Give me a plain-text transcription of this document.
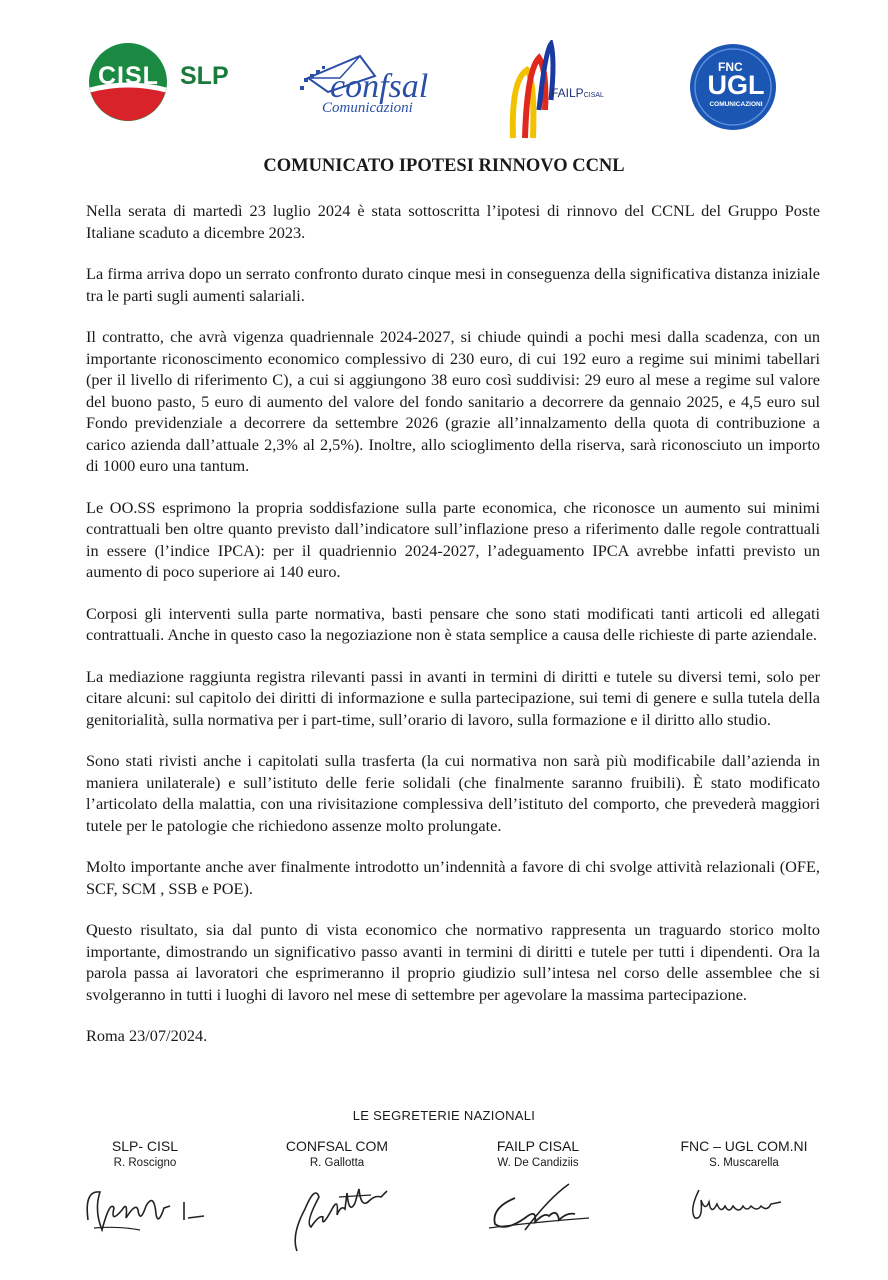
CISL SLP	confsal
Comunicazioni
FAILPCISAL
FNC
UGL
COMUNICAZIONI
COMUNICATO IPOTESI RINNOVO CCNL

Nella serata di martedì 23 luglio 2024 è stata sottoscritta l’ipotesi di rinnovo del CCNL del Gruppo Poste Italiane scaduto a dicembre 2023.

La firma arriva dopo un serrato confronto durato cinque mesi in conseguenza della significativa distanza iniziale tra le parti sugli aumenti salariali.

Il contratto, che avrà vigenza quadriennale 2024-2027, si chiude quindi a pochi mesi dalla scadenza, con un importante riconoscimento economico complessivo di 230 euro, di cui 192 euro a regime sui minimi tabellari (per il livello di riferimento C), a cui si aggiungono 38 euro così suddivisi: 29 euro al mese a regime sul valore del buono pasto, 5 euro di aumento del valore del fondo sanitario a decorrere da gennaio 2025, e 4,5 euro sul Fondo previdenziale a decorrere da settembre 2026 (grazie all’innalzamento della quota di contribuzione a carico azienda dall’attuale 2,3% al 2,5%). Inoltre, allo scioglimento della riserva, sarà riconosciuto un importo di 1000 euro una tantum.

Le OO.SS esprimono la propria soddisfazione sulla parte economica, che riconosce un aumento sui minimi contrattuali ben oltre quanto previsto dall’indicatore sull’inflazione preso a riferimento dalle regole contrattuali in essere (l’indice IPCA): per il quadriennio 2024-2027, l’adeguamento IPCA avrebbe infatti previsto un aumento di poco superiore ai 140 euro.

Corposi gli interventi sulla parte normativa, basti pensare che sono stati modificati tanti articoli ed allegati contrattuali. Anche in questo caso la negoziazione non è stata semplice a causa delle richieste di parte aziendale.

La mediazione raggiunta registra rilevanti passi in avanti in termini di diritti e tutele su diversi temi, solo per citare alcuni: sul capitolo dei diritti di informazione e sulla partecipazione, sui temi di genere e sulla tutela della genitorialità, sulla normativa per i part-time, sull’orario di lavoro, sulla formazione e il diritto allo studio.

Sono stati rivisti anche i capitolati sulla trasferta (la cui normativa non sarà più modificabile dall’azienda in maniera unilaterale) e sull’istituto delle ferie solidali (che finalmente saranno fruibili). È stato modificato l’articolato della malattia, con una rivisitazione complessiva dell’istituto del comporto, che prevederà maggiori tutele per le patologie che richiedono assenze molto prolungate.

Molto importante anche aver finalmente introdotto un’indennità a favore di chi svolge attività relazionali (OFE, SCF, SCM , SSB e POE).

Questo risultato, sia dal punto di vista economico che normativo rappresenta un traguardo storico molto importante, dimostrando un significativo passo avanti in termini di diritti e tutele per tutti i dipendenti. Ora la parola passa ai lavoratori che esprimeranno il proprio giudizio sull’intesa nel corso delle assemblee che si svolgeranno in tutti i luoghi di lavoro nel mese di settembre per agevolare la massima partecipazione.

Roma 23/07/2024.

LE SEGRETERIE NAZIONALI
SLP- CISL
R. Roscigno
CONFSAL COM
R. Gallotta
FAILP CISAL
W. De Candiziis
FNC – UGL COM.NI
S. Muscarella
